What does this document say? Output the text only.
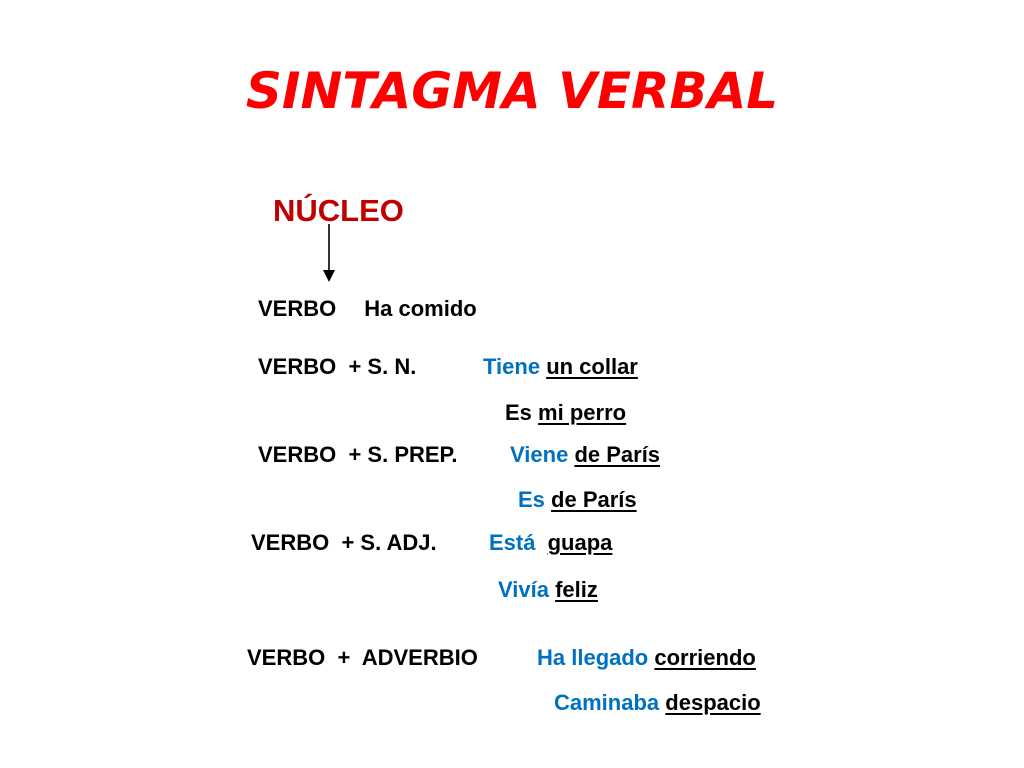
SINTAGMA VERBAL
NÚCLEO
VERBO Ha comido
VERBO  + S. N.	Tiene un collar
Es mi perro
VERBO  + S. PREP. Viene de París
Es de París
VERBO  + S. ADJ. Está guapa
Vivía feliz
VERBO  +  ADVERBIO	Ha llegado corriendo
Caminaba despacio
